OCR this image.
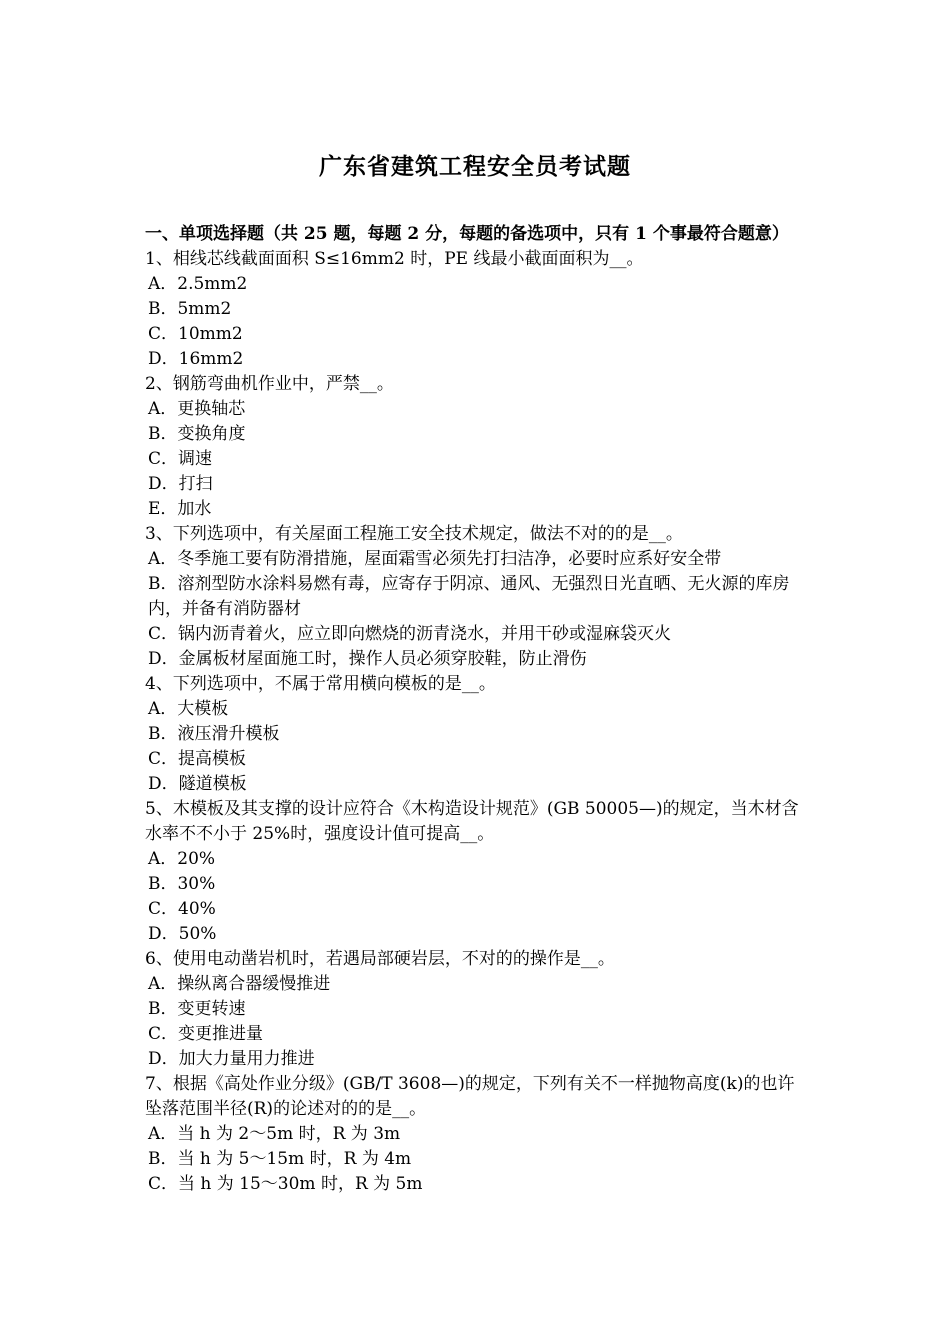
广东省建筑工程安全员考试题

一、单项选择题（共 25 题，每题 2 分，每题的备选项中，只有 1 个事最符合题意）

1、相线芯线截面面积 S≤16mm2 时，PE 线最小截面面积为__。

A．2.5mm2

B．5mm2

C．10mm2

D．16mm2

2、钢筋弯曲机作业中，严禁__。

A．更换轴芯

B．变换角度

C．调速

D．打扫

E．加水

3、下列选项中，有关屋面工程施工安全技术规定，做法不对的的是__。

A．冬季施工要有防滑措施，屋面霜雪必须先打扫洁净，必要时应系好安全带

B．溶剂型防水涂料易燃有毒，应寄存于阴凉、通风、无强烈日光直晒、无火源的库房内，并备有消防器材

C．锅内沥青着火，应立即向燃烧的沥青浇水，并用干砂或湿麻袋灭火

D．金属板材屋面施工时，操作人员必须穿胶鞋，防止滑伤

4、下列选项中，不属于常用横向模板的是__。

A．大模板

B．液压滑升模板

C．提高模板

D．隧道模板

5、木模板及其支撑的设计应符合《木构造设计规范》(GB 50005—)的规定，当木材含水率不不小于 25%时，强度设计值可提高__。

A．20%

B．30%

C．40%

D．50%

6、使用电动凿岩机时，若遇局部硬岩层，不对的的操作是__。

A．操纵离合器缓慢推进

B．变更转速

C．变更推进量

D．加大力量用力推进

7、根据《高处作业分级》(GB/T 3608—)的规定，下列有关不一样抛物高度(k)的也许坠落范围半径(R)的论述对的的是__。

A．当 h 为 2～5m 时，R 为 3m

B．当 h 为 5～15m 时，R 为 4m

C．当 h 为 15～30m 时，R 为 5m
